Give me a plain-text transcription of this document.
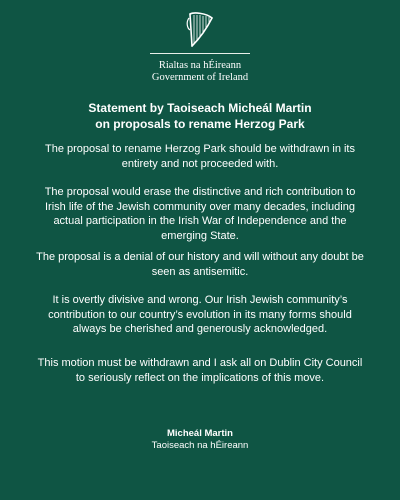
Rialtas na hÉireann
Government of Ireland
Statement by Taoiseach Micheál Martin
on proposals to rename Herzog Park
The proposal to rename Herzog Park should be withdrawn in its entirety and not proceeded with.
The proposal would erase the distinctive and rich contribution to Irish life of the Jewish community over many decades, including actual participation in the Irish War of Independence and the emerging State.
The proposal is a denial of our history and will without any doubt be seen as antisemitic.
It is overtly divisive and wrong. Our Irish Jewish community’s contribution to our country’s evolution in its many forms should always be cherished and generously acknowledged.
This motion must be withdrawn and I ask all on Dublin City Council to seriously reflect on the implications of this move.
Micheál Martin
Taoiseach na hÉireann
